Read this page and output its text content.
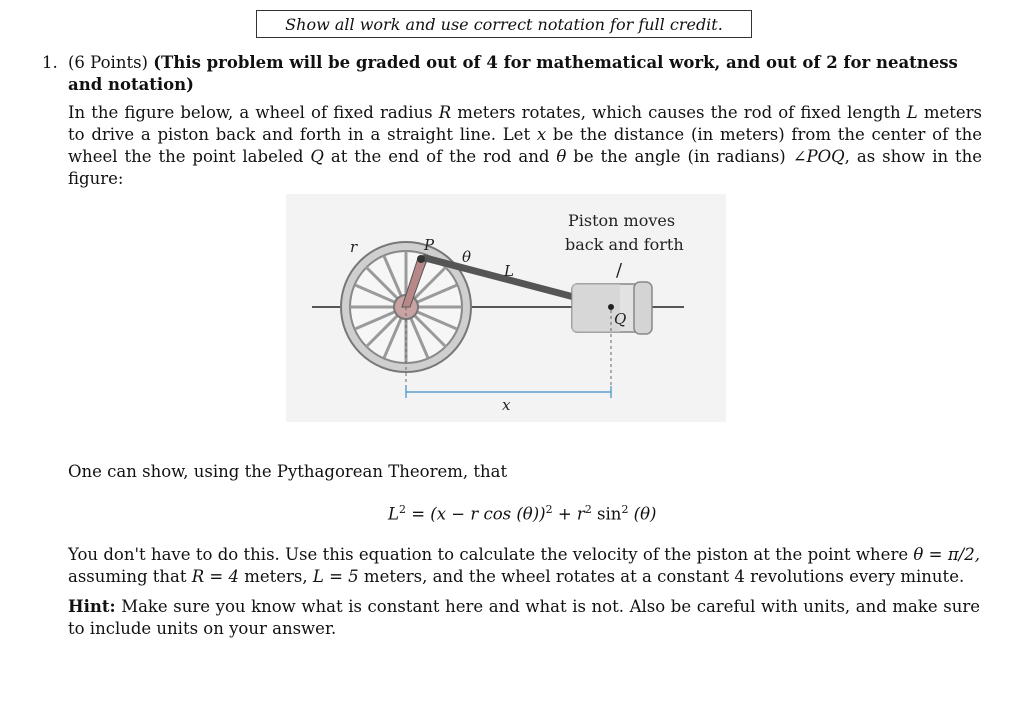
Show all work and use correct notation for full credit.
1. (6 Points) (This problem will be graded out of 4 for mathematical work, and out of 2 for neatness and notation)

In the figure below, a wheel of fixed radius R meters rotates, which causes the rod of fixed length L meters to drive a piston back and forth in a straight line. Let x be the distance (in meters) from the center of the wheel the the point labeled Q at the end of the rod and θ be the angle (in radians) ∠POQ, as show in the figure:

Piston moves
back and forth
/
r	P
θ
L
Q
x

One can show, using the Pythagorean Theorem, that

$L^2 = (x - r$ $\cos (\theta))^2 + r^2$ $\sin^2 (\theta)$

You don't have to do this. Use this equation to calculate the velocity of the piston at the point where θ = π/2, assuming that R = 4 meters, L = 5 meters, and the wheel rotates at a constant 4 revolutions every minute.

Hint: Make sure you know what is constant here and what is not. Also be careful with units, and make sure to include units on your answer.
